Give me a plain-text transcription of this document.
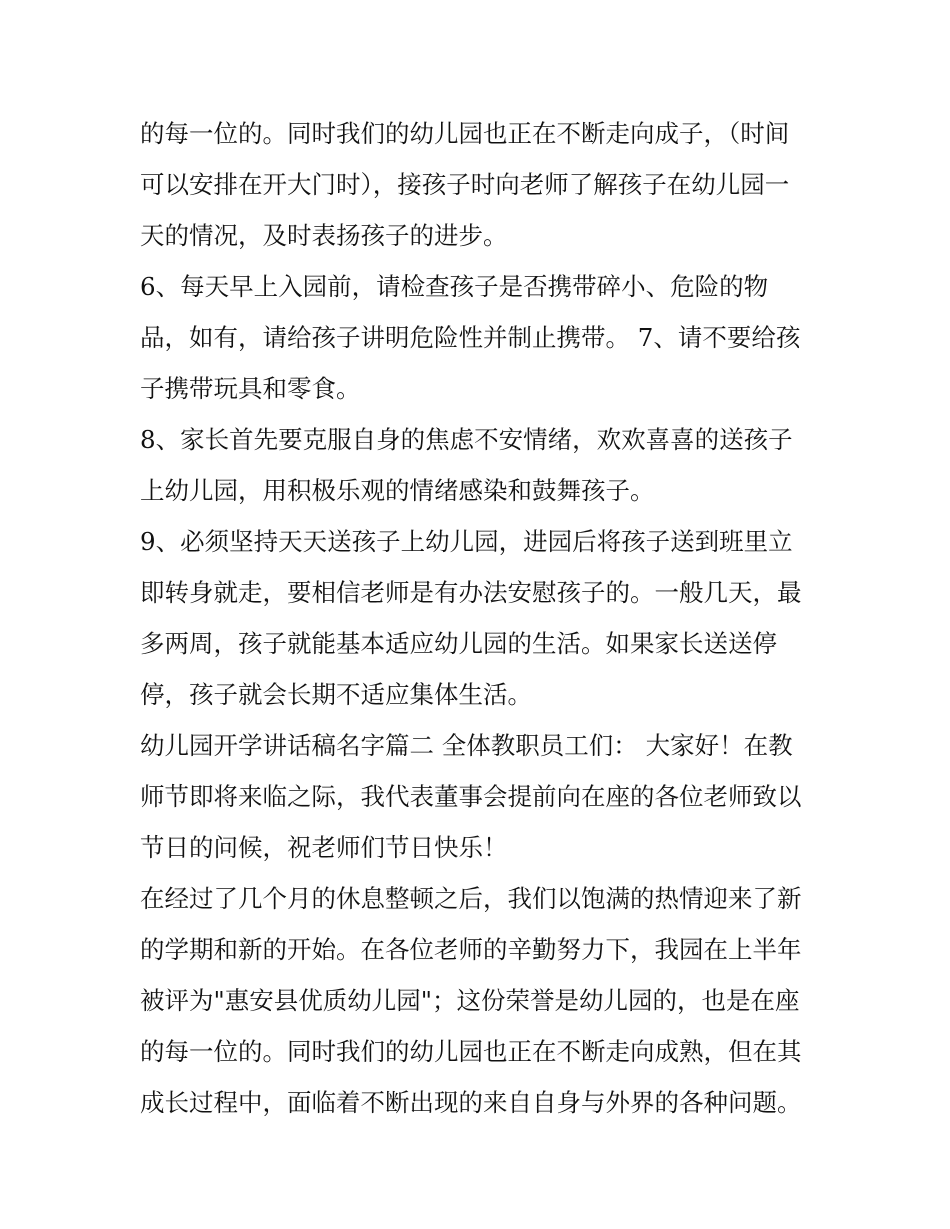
的每一位的。同时我们的幼儿园也正在不断走向成子，（时间
可以安排在开大门时），接孩子时向老师了解孩子在幼儿园一
天的情况，及时表扬孩子的进步。
6、每天早上入园前，请检查孩子是否携带碎小、危险的物
品，如有，请给孩子讲明危险性并制止携带。 7、请不要给孩
子携带玩具和零食。
8、家长首先要克服自身的焦虑不安情绪，欢欢喜喜的送孩子
上幼儿园，用积极乐观的情绪感染和鼓舞孩子。
9、必须坚持天天送孩子上幼儿园，进园后将孩子送到班里立
即转身就走，要相信老师是有办法安慰孩子的。一般几天，最
多两周，孩子就能基本适应幼儿园的生活。如果家长送送停
停，孩子就会长期不适应集体生活。
幼儿园开学讲话稿名字篇二 全体教职员工们： 大家好！在教
师节即将来临之际，我代表董事会提前向在座的各位老师致以
节日的问候，祝老师们节日快乐！
在经过了几个月的休息整顿之后，我们以饱满的热情迎来了新
的学期和新的开始。在各位老师的辛勤努力下，我园在上半年
被评为"惠安县优质幼儿园"；这份荣誉是幼儿园的，也是在座
的每一位的。同时我们的幼儿园也正在不断走向成熟，但在其
成长过程中，面临着不断出现的来自自身与外界的各种问题。
